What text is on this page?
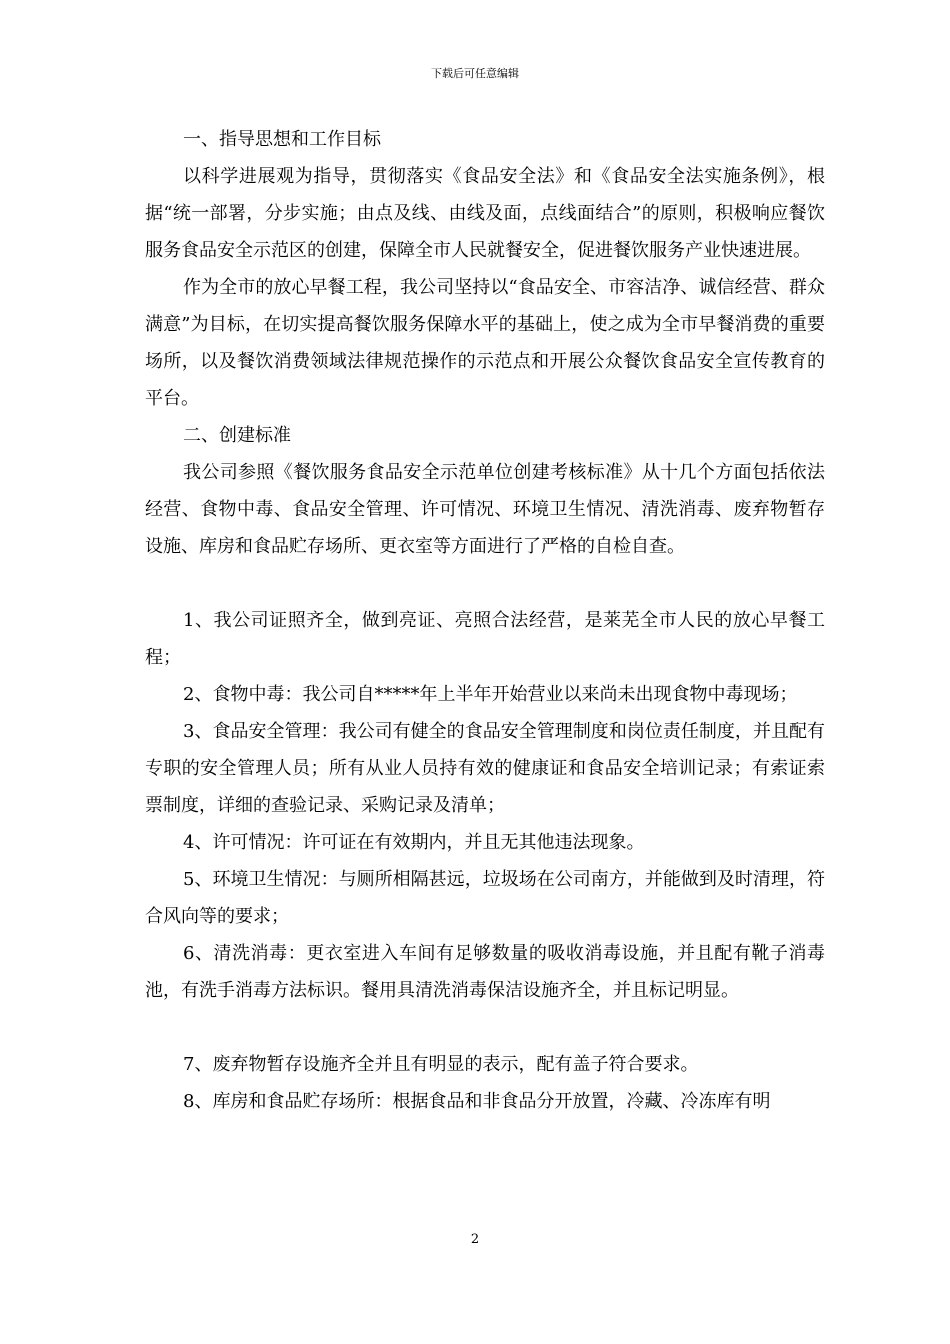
下载后可任意编辑

一、指导思想和工作目标

以科学进展观为指导，贯彻落实《食品安全法》和《食品安全法实施条例》，根据“统一部署，分步实施；由点及线、由线及面，点线面结合”的原则，积极响应餐饮服务食品安全示范区的创建，保障全市人民就餐安全，促进餐饮服务产业快速进展。

作为全市的放心早餐工程，我公司坚持以“食品安全、市容洁净、诚信经营、群众满意”为目标，在切实提高餐饮服务保障水平的基础上，使之成为全市早餐消费的重要场所，以及餐饮消费领域法律规范操作的示范点和开展公众餐饮食品安全宣传教育的平台。

二、创建标准

我公司参照《餐饮服务食品安全示范单位创建考核标准》从十几个方面包括依法经营、食物中毒、食品安全管理、许可情况、环境卫生情况、清洗消毒、废弃物暂存设施、库房和食品贮存场所、更衣室等方面进行了严格的自检自查。

1、我公司证照齐全，做到亮证、亮照合法经营，是莱芜全市人民的放心早餐工程；

2、食物中毒：我公司自*****年上半年开始营业以来尚未出现食物中毒现场；

3、食品安全管理：我公司有健全的食品安全管理制度和岗位责任制度，并且配有专职的安全管理人员；所有从业人员持有效的健康证和食品安全培训记录；有索证索票制度，详细的查验记录、采购记录及清单；

4、许可情况：许可证在有效期内，并且无其他违法现象。

5、环境卫生情况：与厕所相隔甚远，垃圾场在公司南方，并能做到及时清理，符合风向等的要求；

6、清洗消毒：更衣室进入车间有足够数量的吸收消毒设施，并且配有靴子消毒池，有洗手消毒方法标识。餐用具清洗消毒保洁设施齐全，并且标记明显。

7、废弃物暂存设施齐全并且有明显的表示，配有盖子符合要求。

8、库房和食品贮存场所：根据食品和非食品分开放置，冷藏、冷冻库有明

2
